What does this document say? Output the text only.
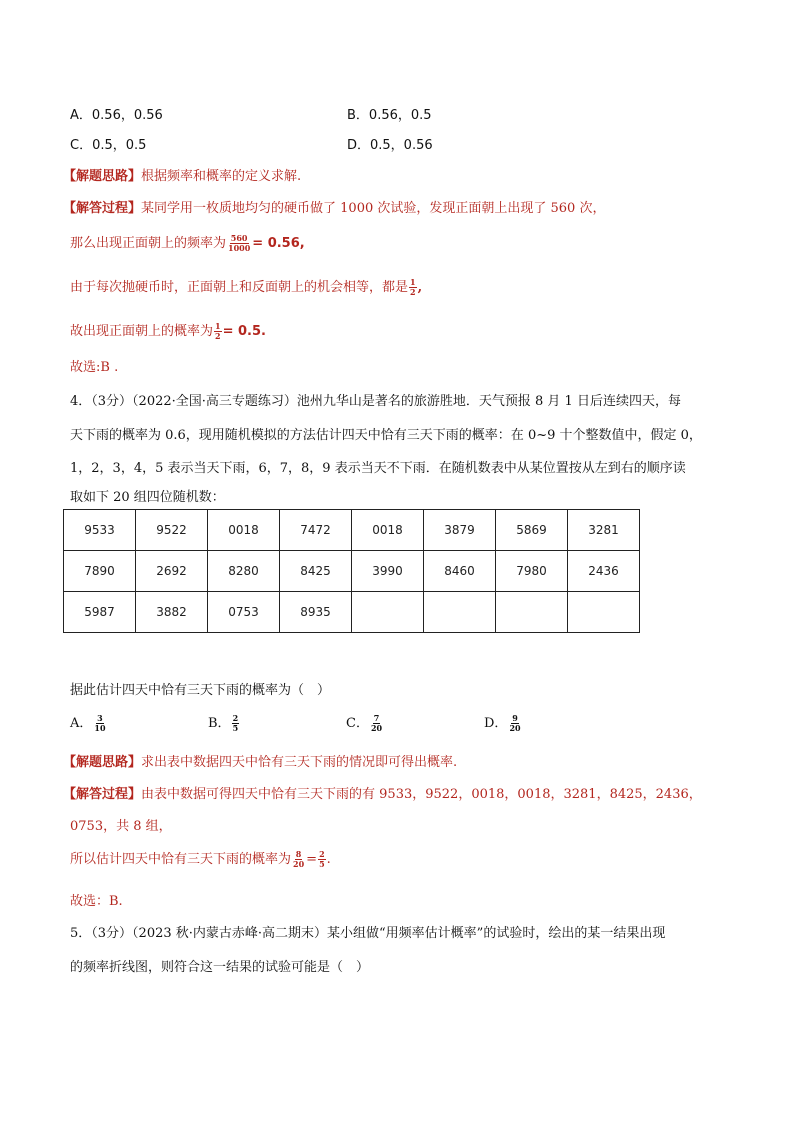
A．0.56，0.56	B．0.56，0.5
C．0.5，0.5	D．0.5，0.56
【解题思路】根据频率和概率的定义求解.
【解答过程】某同学用一枚质地均匀的硬币做了 1000 次试验，发现正面朝上出现了 560 次，
那么出现正面朝上的频率为 $\frac{560}{1000} = 0.56$,
由于每次抛硬币时，正面朝上和反面朝上的机会相等，都是 $\frac{1}{2}$ ,
故出现正面朝上的概率为 $\frac{1}{2} = 0.5$.
故选:B .
4．（3分）（2022·全国·高三专题练习）池州九华山是著名的旅游胜地．天气预报 8 月 1 日后连续四天，每
天下雨的概率为 0.6，现用随机模拟的方法估计四天中恰有三天下雨的概率：在 0~9 十个整数值中，假定 0，
1，2，3，4，5 表示当天下雨，6，7，8，9 表示当天不下雨．在随机数表中从某位置按从左到右的顺序读
取如下 20 组四位随机数：
9533	9522	0018	7472	0018	3879	5869	3281
7890	2692	8280	8425	3990	8460	7980	2436
5987	3882	0753	8935				
据此估计四天中恰有三天下雨的概率为（　）
A． $\frac{3}{10}$	B． $\frac{2}{5}$	C． $\frac{7}{20}$	D． $\frac{9}{20}$
【解题思路】求出表中数据四天中恰有三天下雨的情况即可得出概率.
【解答过程】由表中数据可得四天中恰有三天下雨的有 9533，9522，0018，0018，3281，8425，2436，
0753，共 8 组，
所以估计四天中恰有三天下雨的概率为 $\frac{8}{20} = \frac{2}{5}$ .
故选：B.
5．（3分）（2023 秋·内蒙古赤峰·高二期末）某小组做“用频率估计概率”的试验时，绘出的某一结果出现
的频率折线图，则符合这一结果的试验可能是（　）
